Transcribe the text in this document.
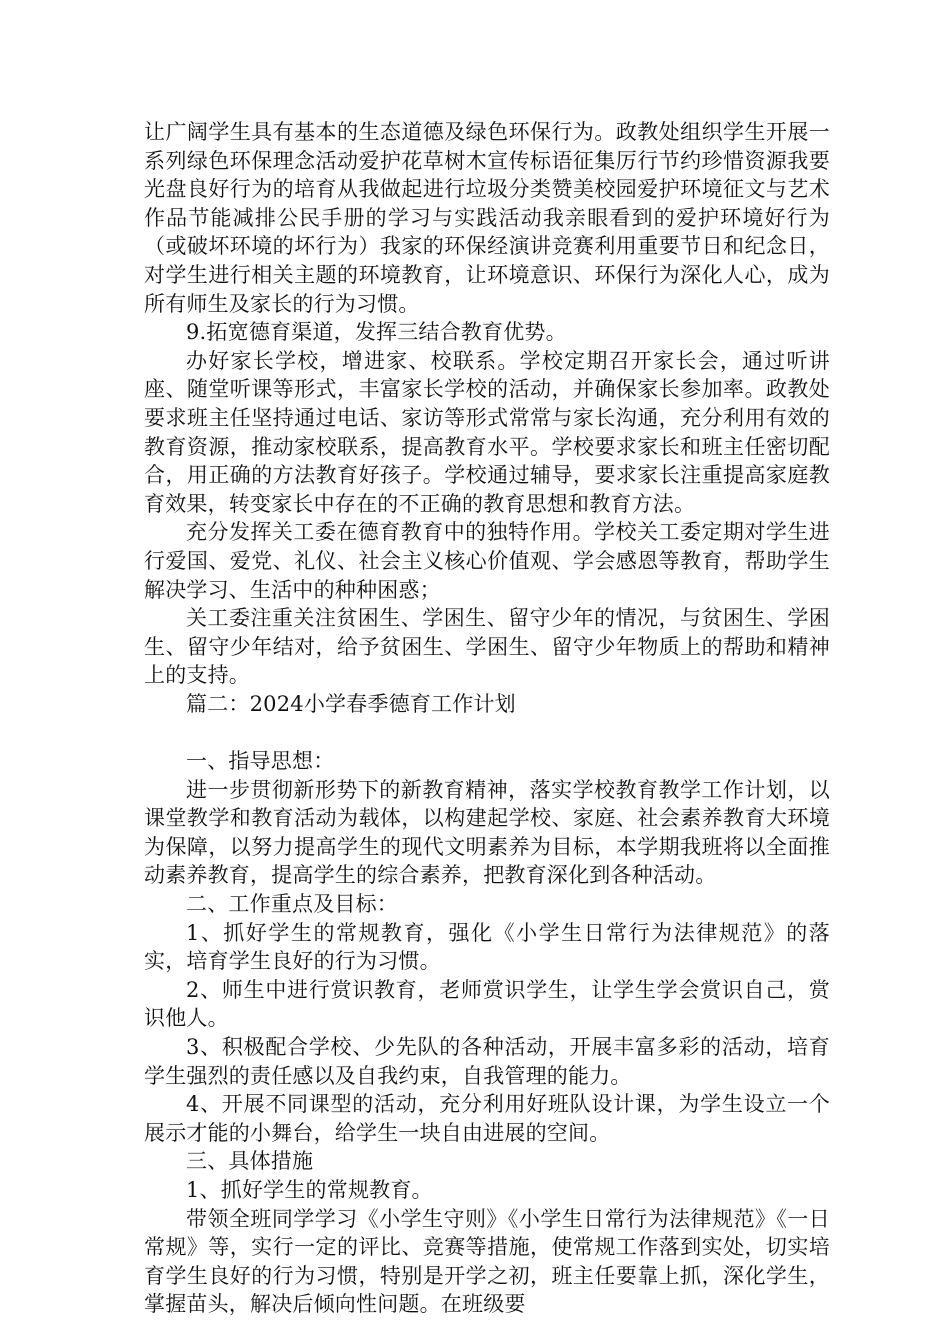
让广阔学生具有基本的生态道德及绿色环保行为。政教处组织学生开展一系列绿色环保理念活动爱护花草树木宣传标语征集厉行节约珍惜资源我要光盘良好行为的培育从我做起进行垃圾分类赞美校园爱护环境征文与艺术作品节能减排公民手册的学习与实践活动我亲眼看到的爱护环境好行为（或破坏环境的坏行为）我家的环保经演讲竞赛利用重要节日和纪念日，对学生进行相关主题的环境教育，让环境意识、环保行为深化人心，成为所有师生及家长的行为习惯。

9.拓宽德育渠道，发挥三结合教育优势。

办好家长学校，增进家、校联系。学校定期召开家长会，通过听讲座、随堂听课等形式，丰富家长学校的活动，并确保家长参加率。政教处要求班主任坚持通过电话、家访等形式常常与家长沟通，充分利用有效的教育资源，推动家校联系，提高教育水平。学校要求家长和班主任密切配合，用正确的方法教育好孩子。学校通过辅导，要求家长注重提高家庭教育效果，转变家长中存在的不正确的教育思想和教育方法。

充分发挥关工委在德育教育中的独特作用。学校关工委定期对学生进行爱国、爱党、礼仪、社会主义核心价值观、学会感恩等教育，帮助学生解决学习、生活中的种种困惑；

关工委注重关注贫困生、学困生、留守少年的情况，与贫困生、学困生、留守少年结对，给予贫困生、学困生、留守少年物质上的帮助和精神上的支持。

篇二：2024小学春季德育工作计划

一、指导思想：

进一步贯彻新形势下的新教育精神，落实学校教育教学工作计划，以课堂教学和教育活动为载体，以构建起学校、家庭、社会素养教育大环境为保障，以努力提高学生的现代文明素养为目标，本学期我班将以全面推动素养教育，提高学生的综合素养，把教育深化到各种活动。

二、工作重点及目标：

1、抓好学生的常规教育，强化《小学生日常行为法律规范》的落实，培育学生良好的行为习惯。

2、师生中进行赏识教育，老师赏识学生，让学生学会赏识自己，赏识他人。

3、积极配合学校、少先队的各种活动，开展丰富多彩的活动，培育学生强烈的责任感以及自我约束，自我管理的能力。

4、开展不同课型的活动，充分利用好班队设计课，为学生设立一个展示才能的小舞台，给学生一块自由进展的空间。

三、具体措施

1、抓好学生的常规教育。

带领全班同学学习《小学生守则》《小学生日常行为法律规范》《一日常规》等，实行一定的评比、竞赛等措施，使常规工作落到实处，切实培育学生良好的行为习惯，特别是开学之初，班主任要靠上抓，深化学生，掌握苗头，解决后倾向性问题。在班级要
